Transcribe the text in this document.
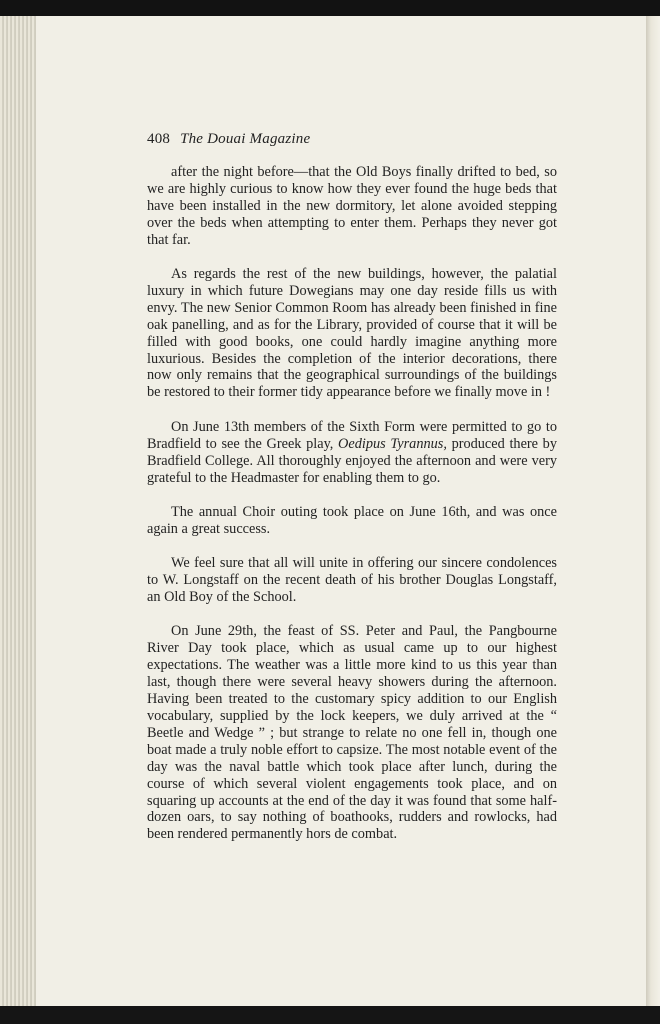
408 The Douai Magazine

after the night before—that the Old Boys finally drifted to bed, so we are highly curious to know how they ever found the huge beds that have been installed in the new dormitory, let alone avoided stepping over the beds when attempting to enter them. Perhaps they never got that far.

As regards the rest of the new buildings, however, the palatial luxury in which future Dowegians may one day reside fills us with envy. The new Senior Common Room has already been finished in fine oak panelling, and as for the Library, provided of course that it will be filled with good books, one could hardly imagine anything more luxurious. Besides the completion of the interior decorations, there now only remains that the geographical surroundings of the buildings be restored to their former tidy appearance before we finally move in !

On June 13th members of the Sixth Form were permitted to go to Bradfield to see the Greek play, Oedipus Tyrannus, produced there by Bradfield College. All thoroughly enjoyed the afternoon and were very grateful to the Headmaster for enabling them to go.

The annual Choir outing took place on June 16th, and was once again a great success.

We feel sure that all will unite in offering our sincere condolences to W. Longstaff on the recent death of his brother Douglas Longstaff, an Old Boy of the School.

On June 29th, the feast of SS. Peter and Paul, the Pangbourne River Day took place, which as usual came up to our highest expectations. The weather was a little more kind to us this year than last, though there were several heavy showers during the afternoon. Having been treated to the customary spicy addition to our English vocabulary, supplied by the lock keepers, we duly arrived at the “ Beetle and Wedge ” ; but strange to relate no one fell in, though one boat made a truly noble effort to capsize. The most notable event of the day was the naval battle which took place after lunch, during the course of which several violent engagements took place, and on squaring up accounts at the end of the day it was found that some half-dozen oars, to say nothing of boathooks, rudders and rowlocks, had been rendered permanently hors de combat.
